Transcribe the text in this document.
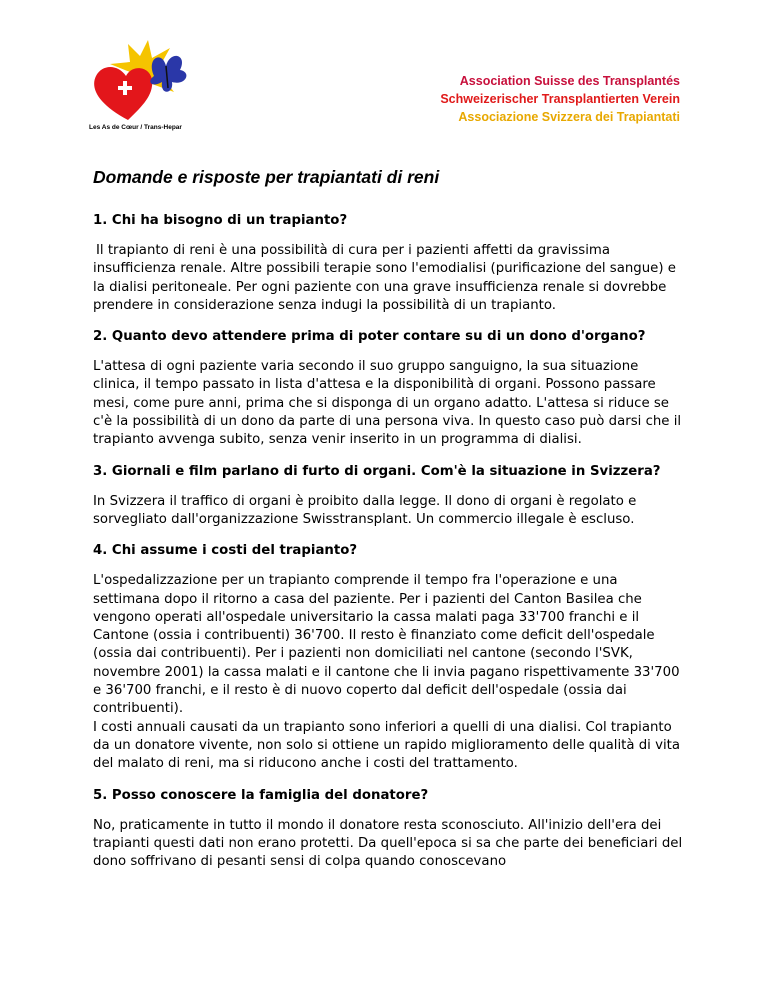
Les As de Cœur / Trans-Hepar
Association Suisse des Transplantés
Schweizerischer Transplantierten Verein
Associazione Svizzera dei Trapiantati
Domande e risposte per trapiantati di reni
1. Chi ha bisogno di un trapianto?

Il trapianto di reni è una possibilità di cura per i pazienti affetti da gravissima insufficienza renale. Altre possibili terapie sono l'emodialisi (purificazione del sangue) e la dialisi peritoneale. Per ogni paziente con una grave insufficienza renale si dovrebbe prendere in considerazione senza indugi la possibilità di un trapianto.

2. Quanto devo attendere prima di poter contare su di un dono d'organo?

L'attesa di ogni paziente varia secondo il suo gruppo sanguigno, la sua situazione clinica, il tempo passato in lista d'attesa e la disponibilità di organi. Possono passare mesi, come pure anni, prima che si disponga di un organo adatto. L'attesa si riduce se c'è la possibilità di un dono da parte di una persona viva. In questo caso può darsi che il trapianto avvenga subito, senza venir inserito in un programma di dialisi.

3. Giornali e film parlano di furto di organi. Com'è la situazione in Svizzera?

In Svizzera il traffico di organi è proibito dalla legge. Il dono di organi è regolato e sorvegliato dall'organizzazione Swisstransplant. Un commercio illegale è escluso.

4. Chi assume i costi del trapianto?

L'ospedalizzazione per un trapianto comprende il tempo fra l'operazione e una settimana dopo il ritorno a casa del paziente. Per i pazienti del Canton Basilea che vengono operati all'ospedale universitario la cassa malati paga 33'700 franchi e il Cantone (ossia i contribuenti) 36'700. Il resto è finanziato come deficit dell'ospedale (ossia dai contribuenti). Per i pazienti non domiciliati nel cantone (secondo l'SVK, novembre 2001) la cassa malati e il cantone che li invia pagano rispettivamente 33'700 e 36'700 franchi, e il resto è di nuovo coperto dal deficit dell'ospedale (ossia dai contribuenti).

I costi annuali causati da un trapianto sono inferiori a quelli di una dialisi. Col trapianto da un donatore vivente, non solo si ottiene un rapido miglioramento delle qualità di vita del malato di reni, ma si riducono anche i costi del trattamento.

5. Posso conoscere la famiglia del donatore?

No, praticamente in tutto il mondo il donatore resta sconosciuto. All'inizio dell'era dei trapianti questi dati non erano protetti. Da quell'epoca si sa che parte dei beneficiari del dono soffrivano di pesanti sensi di colpa quando conoscevano
